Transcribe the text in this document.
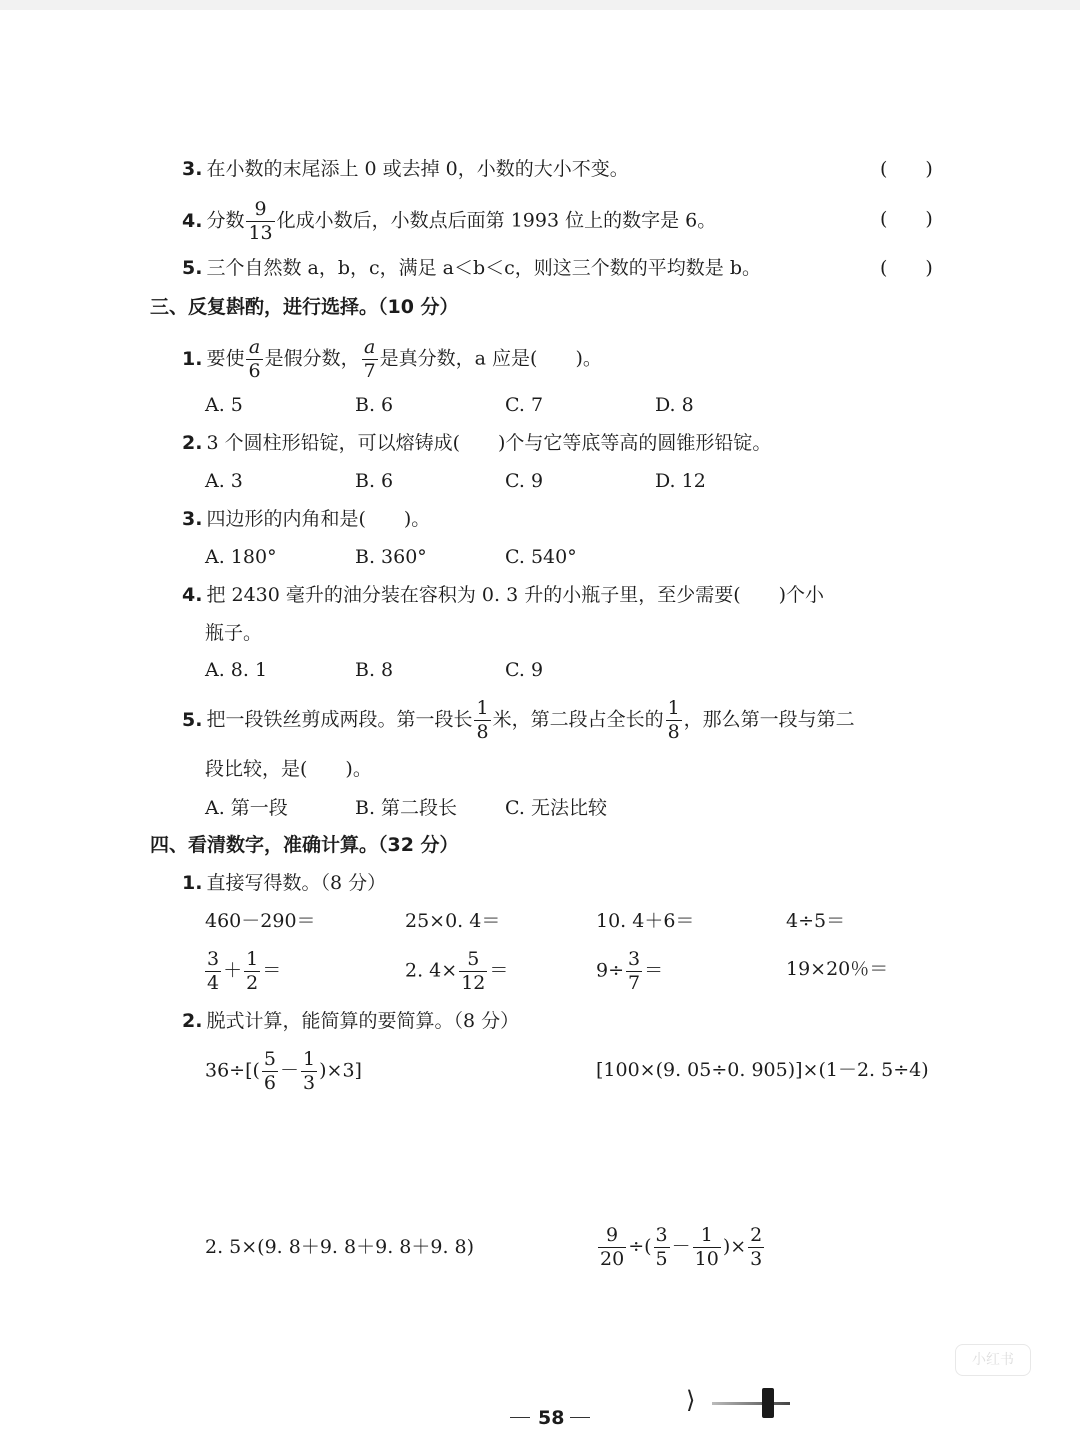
3. 在小数的末尾添上 0 或去掉 0，小数的大小不变。	(　　)
4. 分数 $\frac{9}{13}$ 化成小数后，小数点后面第 1993 位上的数字是 6。	(　　)
5. 三个自然数 a，b，c，满足 a＜b＜c，则这三个数的平均数是 b。	(　　)
三、反复斟酌，进行选择。（10 分）
1. 要使 $\frac{a}{6}$ 是假分数， $\frac{a}{7}$ 是真分数，a 应是(　　)。
A. 5	B. 6	C. 7	D. 8
2. 3 个圆柱形铅锭，可以熔铸成(　　)个与它等底等高的圆锥形铅锭。
A. 3	B. 6	C. 9	D. 12
3. 四边形的内角和是(　　)。
A. 180°	B. 360°	C. 540°
4. 把 2430 毫升的油分装在容积为 0. 3 升的小瓶子里，至少需要(　　)个小
瓶子。
A. 8. 1	B. 8	C. 9
5. 把一段铁丝剪成两段。第一段长 $\frac{1}{8}$ 米，第二段占全长的 $\frac{1}{8}$ ，那么第一段与第二
段比较，是(　　)。
A. 第一段	B. 第二段长	C. 无法比较
四、看清数字，准确计算。（32 分）
1. 直接写得数。（8 分）
460－290＝	25×0. 4＝	10. 4＋6＝	4÷5＝
$\frac{3}{4} + \frac{1}{2}$ ＝	2. $4\times \frac{5}{12}$ ＝	$9\div \frac{3}{7}$ ＝	19×20％＝
2. 脱式计算，能简算的要简算。（8 分）
$36\div[( \frac{5}{6} - \frac{1}{3} )\times 3]$	[100×(9. 05÷0. 905)]×(1－2. 5÷4)
2. 5×(9. 8＋9. 8＋9. 8＋9. 8)	$\frac{9}{20}$ ÷( $\frac{3}{5} - \frac{1}{10}$ )× $\frac{2}{3}$
小红书
58
⟩
